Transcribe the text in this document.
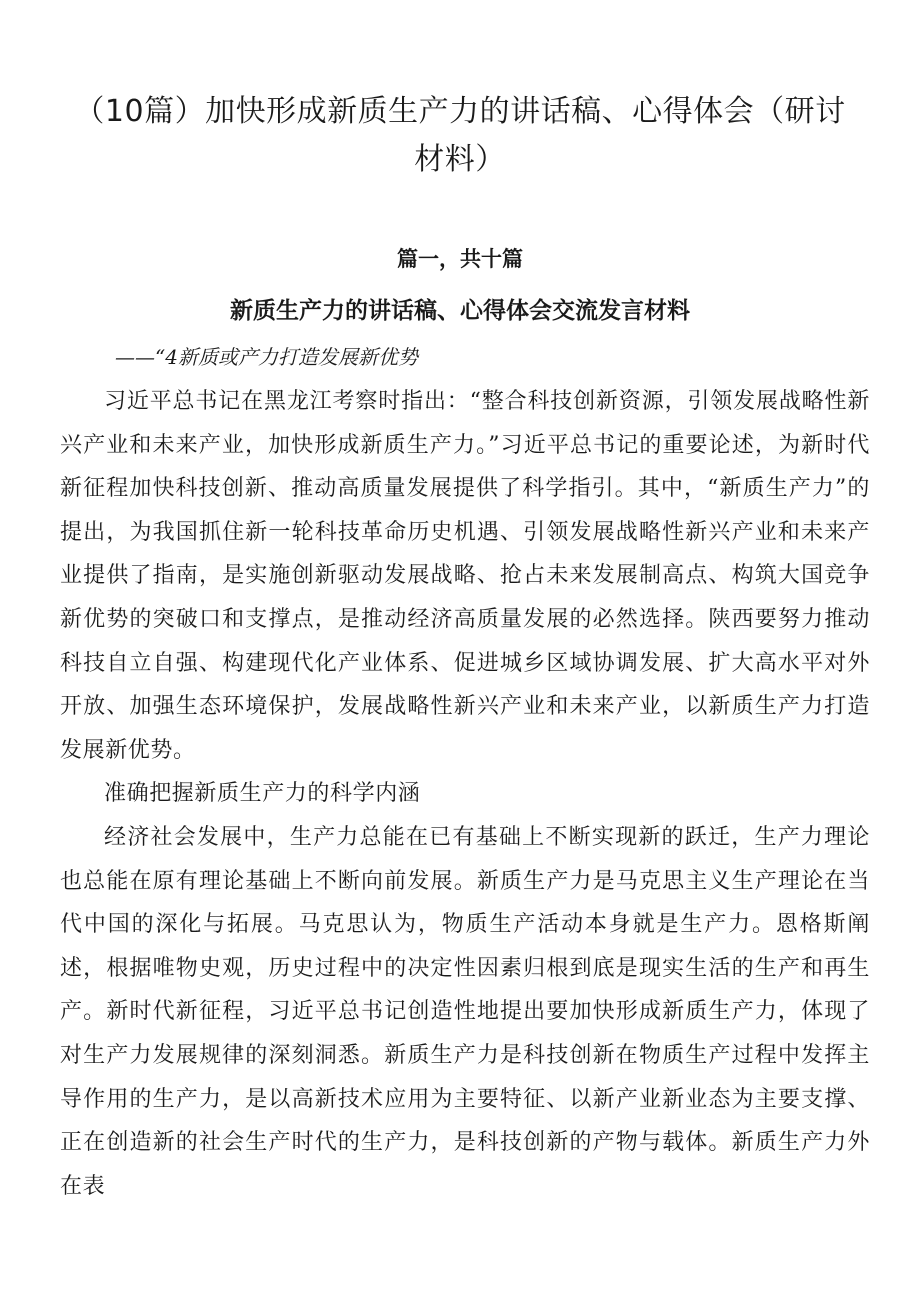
（10篇）加快形成新质生产力的讲话稿、心得体会（研讨材料）
篇一，共十篇
新质生产力的讲话稿、心得体会交流发言材料

——“4新质或产力打造发展新优势

习近平总书记在黑龙江考察时指出：“整合科技创新资源，引领发展战略性新兴产业和未来产业，加快形成新质生产力。”习近平总书记的重要论述，为新时代新征程加快科技创新、推动高质量发展提供了科学指引。其中，“新质生产力”的提出，为我国抓住新一轮科技革命历史机遇、引领发展战略性新兴产业和未来产业提供了指南，是实施创新驱动发展战略、抢占未来发展制高点、构筑大国竞争新优势的突破口和支撑点，是推动经济高质量发展的必然选择。陕西要努力推动科技自立自强、构建现代化产业体系、促进城乡区域协调发展、扩大高水平对外开放、加强生态环境保护，发展战略性新兴产业和未来产业，以新质生产力打造发展新优势。

准确把握新质生产力的科学内涵

经济社会发展中，生产力总能在已有基础上不断实现新的跃迁，生产力理论也总能在原有理论基础上不断向前发展。新质生产力是马克思主义生产理论在当代中国的深化与拓展。马克思认为，物质生产活动本身就是生产力。恩格斯阐述，根据唯物史观，历史过程中的决定性因素归根到底是现实生活的生产和再生产。新时代新征程，习近平总书记创造性地提出要加快形成新质生产力，体现了对生产力发展规律的深刻洞悉。新质生产力是科技创新在物质生产过程中发挥主导作用的生产力，是以高新技术应用为主要特征、以新产业新业态为主要支撑、正在创造新的社会生产时代的生产力，是科技创新的产物与载体。新质生产力外在表
